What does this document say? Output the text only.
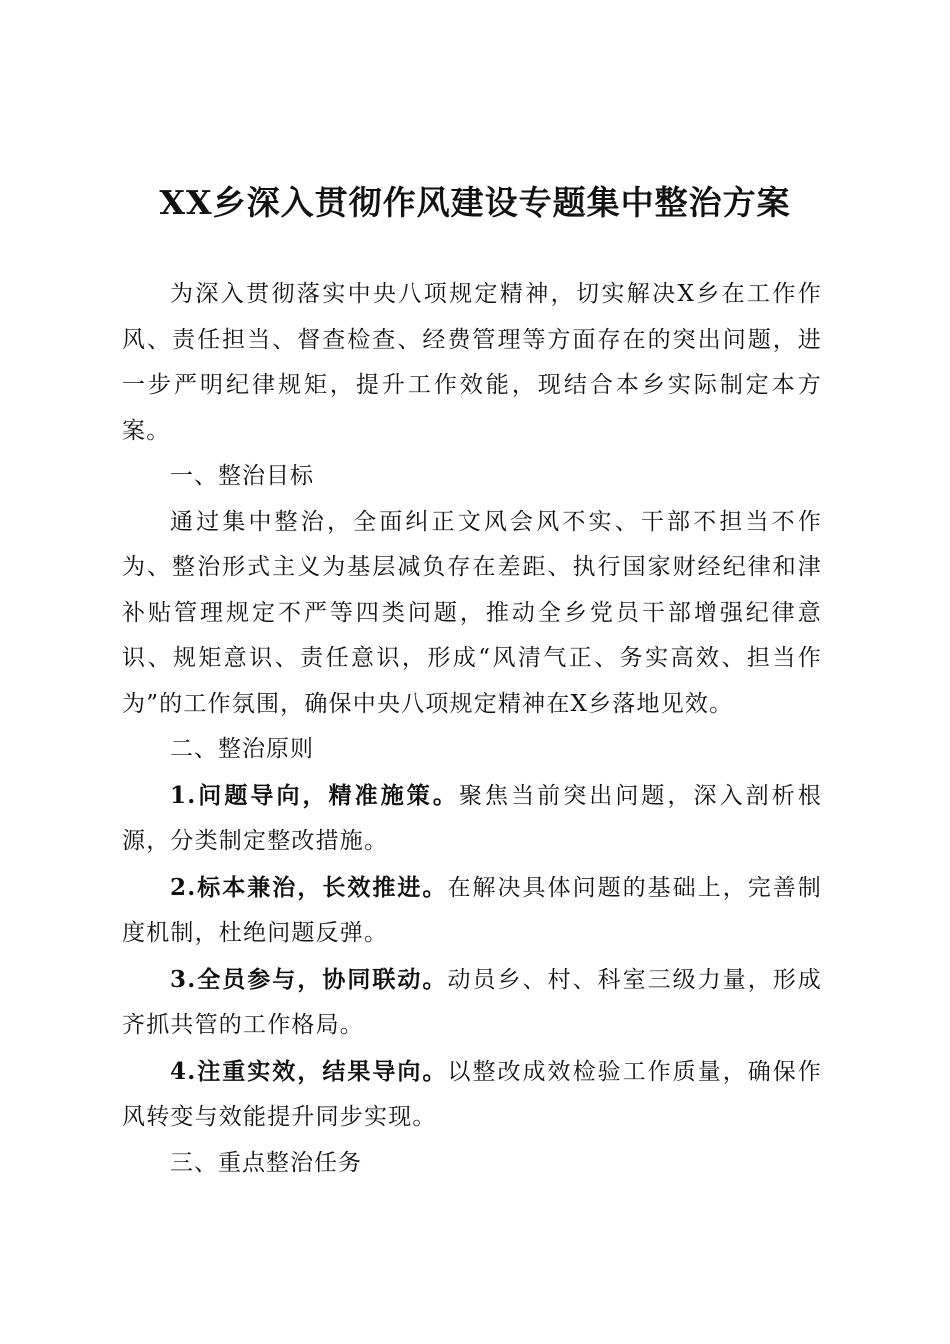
XX乡深入贯彻作风建设专题集中整治方案

为深入贯彻落实中央八项规定精神，切实解决X乡在工作作风、责任担当、督查检查、经费管理等方面存在的突出问题，进一步严明纪律规矩，提升工作效能，现结合本乡实际制定本方案。

一、整治目标

通过集中整治，全面纠正文风会风不实、干部不担当不作为、整治形式主义为基层减负存在差距、执行国家财经纪律和津补贴管理规定不严等四类问题，推动全乡党员干部增强纪律意识、规矩意识、责任意识，形成“风清气正、务实高效、担当作为”的工作氛围，确保中央八项规定精神在X乡落地见效。

二、整治原则

1.问题导向，精准施策。聚焦当前突出问题，深入剖析根源，分类制定整改措施。

2.标本兼治，长效推进。在解决具体问题的基础上，完善制度机制，杜绝问题反弹。

3.全员参与，协同联动。动员乡、村、科室三级力量，形成齐抓共管的工作格局。

4.注重实效，结果导向。以整改成效检验工作质量，确保作风转变与效能提升同步实现。

三、重点整治任务
